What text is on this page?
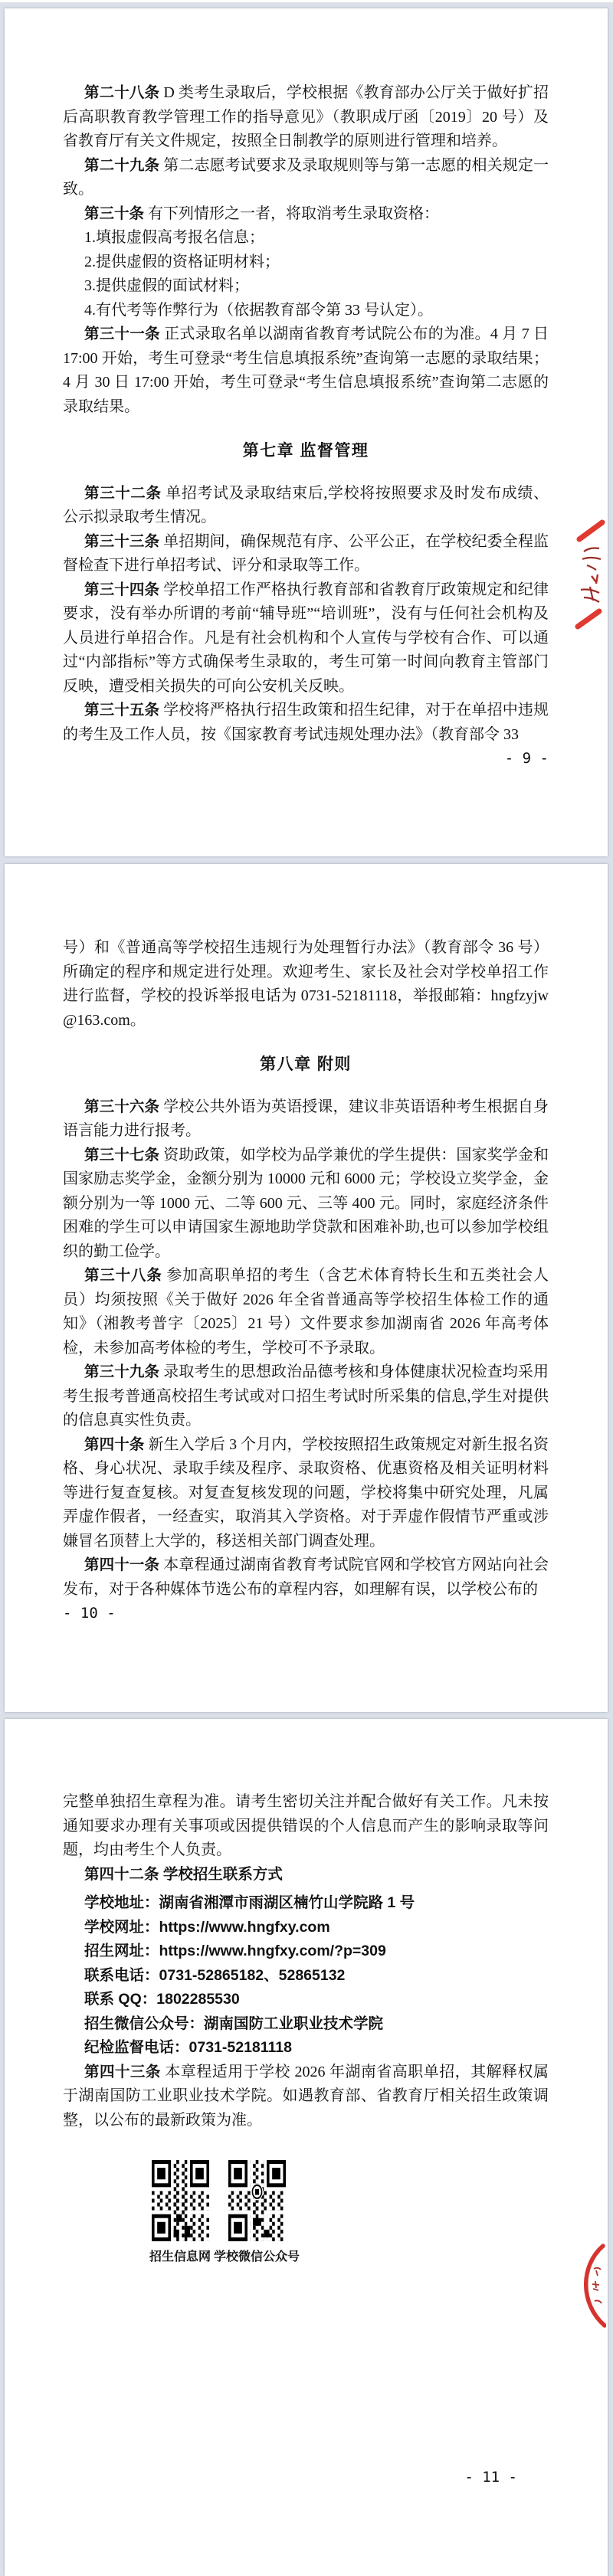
第二十八条 D 类考生录取后，学校根据《教育部办公厅关于做好扩招后高职教育教学管理工作的指导意见》（教职成厅函〔2019〕20 号）及省教育厅有关文件规定，按照全日制教学的原则进行管理和培养。

第二十九条 第二志愿考试要求及录取规则等与第一志愿的相关规定一致。

第三十条 有下列情形之一者，将取消考生录取资格：

1.填报虚假高考报名信息；

2.提供虚假的资格证明材料；

3.提供虚假的面试材料；

4.有代考等作弊行为（依据教育部令第 33 号认定）。

第三十一条 正式录取名单以湖南省教育考试院公布的为准。4 月 7 日 17:00 开始，考生可登录“考生信息填报系统”查询第一志愿的录取结果；4 月 30 日 17:00 开始，考生可登录“考生信息填报系统”查询第二志愿的录取结果。

第七章 监督管理

第三十二条 单招考试及录取结束后,学校将按照要求及时发布成绩、公示拟录取考生情况。

第三十三条 单招期间，确保规范有序、公平公正，在学校纪委全程监督检查下进行单招考试、评分和录取等工作。

第三十四条 学校单招工作严格执行教育部和省教育厅政策规定和纪律要求，没有举办所谓的考前“辅导班”“培训班”，没有与任何社会机构及人员进行单招合作。凡是有社会机构和个人宣传与学校有合作、可以通过“内部指标”等方式确保考生录取的，考生可第一时间向教育主管部门反映，遭受相关损失的可向公安机关反映。

第三十五条 学校将严格执行招生政策和招生纪律，对于在单招中违规的考生及工作人员，按《国家教育考试违规处理办法》（教育部令 33

- 9 -

号）和《普通高等学校招生违规行为处理暂行办法》（教育部令 36 号）所确定的程序和规定进行处理。欢迎考生、家长及社会对学校单招工作进行监督，学校的投诉举报电话为 0731-52181118，举报邮箱：hngfzyjw@163.com。

第八章 附则

第三十六条 学校公共外语为英语授课，建议非英语语种考生根据自身语言能力进行报考。

第三十七条 资助政策，如学校为品学兼优的学生提供：国家奖学金和国家励志奖学金，金额分别为 10000 元和 6000 元；学校设立奖学金，金额分别为一等 1000 元、二等 600 元、三等 400 元。同时，家庭经济条件困难的学生可以申请国家生源地助学贷款和困难补助,也可以参加学校组织的勤工俭学。

第三十八条 参加高职单招的考生（含艺术体育特长生和五类社会人员）均须按照《关于做好 2026 年全省普通高等学校招生体检工作的通知》（湘教考普字〔2025〕21 号）文件要求参加湖南省 2026 年高考体检，未参加高考体检的考生，学校可不予录取。

第三十九条 录取考生的思想政治品德考核和身体健康状况检查均采用考生报考普通高校招生考试或对口招生考试时所采集的信息,学生对提供的信息真实性负责。

第四十条 新生入学后 3 个月内，学校按照招生政策规定对新生报名资格、身心状况、录取手续及程序、录取资格、优惠资格及相关证明材料等进行复查复核。对复查复核发现的问题，学校将集中研究处理，凡属弄虚作假者，一经查实，取消其入学资格。对于弄虚作假情节严重或涉嫌冒名顶替上大学的，移送相关部门调查处理。

第四十一条 本章程通过湖南省教育考试院官网和学校官方网站向社会发布，对于各种媒体节选公布的章程内容，如理解有误，以学校公布的

- 10 -

完整单独招生章程为准。请考生密切关注并配合做好有关工作。凡未按通知要求办理有关事项或因提供错误的个人信息而产生的影响录取等问题，均由考生个人负责。

第四十二条 学校招生联系方式

学校地址：湖南省湘潭市雨湖区楠竹山学院路 1 号

学校网址：https://www.hngfxy.com

招生网址：https://www.hngfxy.com/?p=309

联系电话：0731-52865182、52865132

联系 QQ：1802285530

招生微信公众号：湖南国防工业职业技术学院

纪检监督电话：0731-52181118

第四十三条 本章程适用于学校 2026 年湖南省高职单招，其解释权属于湖南国防工业职业技术学院。如遇教育部、省教育厅相关招生政策调整，以公布的最新政策为准。

招生信息网 学校微信公众号
- 11 -
